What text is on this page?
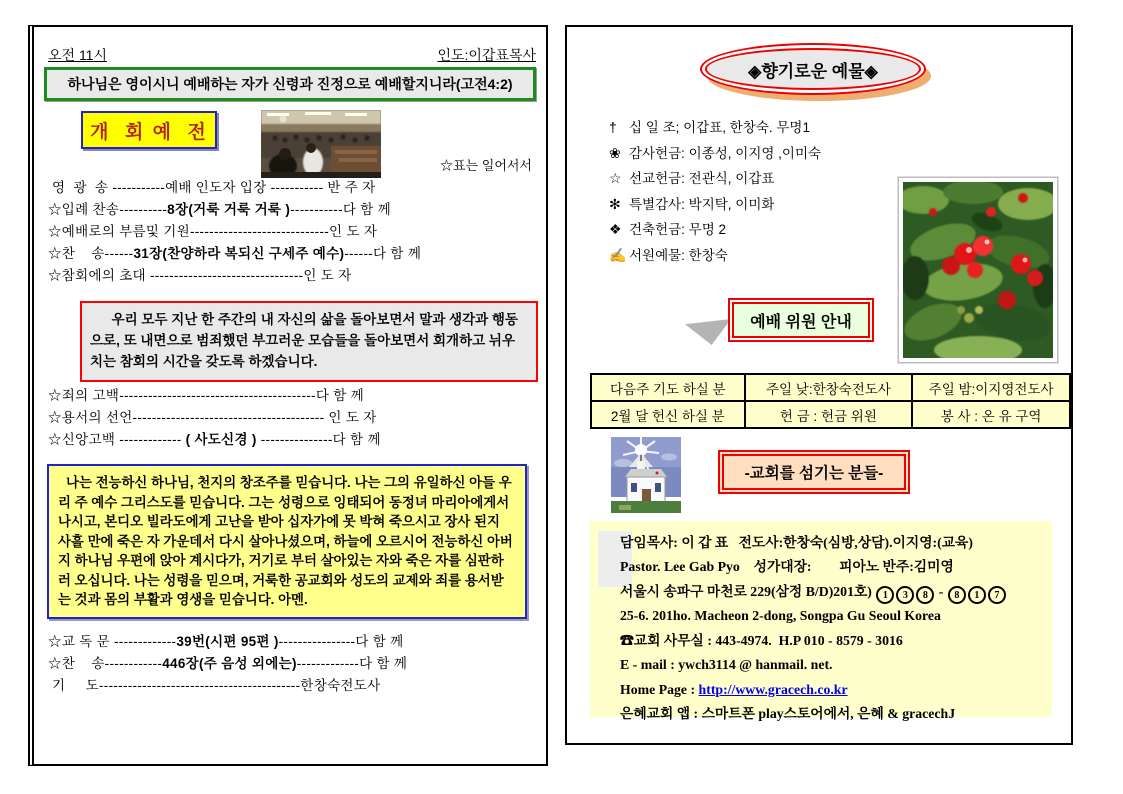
오전 11시	인도:이갑표목사
하나님은 영이시니 예배하는 자가 신령과 진정으로 예배할지니라(고전4:2)
개  회 예  전
☆표는 일어서서
영  광  송 -----------예배 인도자 입장 ----------- 반 주 자
☆입례 찬송----------8장(거룩 거룩 거룩 )-----------다 함 께
☆예배로의 부름및 기원-----------------------------인 도 자
☆찬    송------31장(찬양하라 복되신 구세주 예수)------다 함 께
☆참회에의 초대 --------------------------------인 도 자
우리 모두 지난 한 주간의 내 자신의 삶을 돌아보면서 말과 생각과 행동으로, 또 내면으로 범죄했던 부끄러운 모습들을 돌아보면서 회개하고 뉘우치는 참회의 시간을 갖도록 하겠습니다.
☆죄의 고백-----------------------------------------다 함 께
☆용서의 선언---------------------------------------- 인 도 자
☆신앙고백 ------------- ( 사도신경 ) ---------------다 함 께
나는 전능하신 하나님, 천지의 창조주를 믿습니다. 나는 그의 유일하신 아들 우리 주 예수 그리스도를 믿습니다. 그는 성령으로 잉태되어 동정녀 마리아에게서 나시고, 본디오 빌라도에게 고난을 받아 십자가에 못 박혀 죽으시고 장사 된지 사흘 만에 죽은 자 가운데서 다시 살아나셨으며, 하늘에 오르시어 전능하신 아버지 하나님 우편에 앉아 계시다가, 거기로 부터 살아있는 자와 죽은 자를 심판하러 오십니다. 나는 성령을 믿으며, 거룩한 공교회와 성도의 교제와 죄를 용서받는 것과 몸의 부활과 영생을 믿습니다. 아멘.
☆교 독 문 -------------39번(시편 95편 )----------------다 함 께
☆찬    송------------446장(주 음성 외에는)-------------다 함 께
기     도------------------------------------------한창숙전도사
◈향기로운 예물◈
† 십 일 조; 이갑표, 한창숙. 무명1
❀ 감사헌금: 이종성, 이지영 ,이미숙
☆ 선교헌금: 전관식, 이갑표
✻ 특별감사: 박지탁, 이미화
❖ 건축헌금: 무명 2
✍ 서원예물: 한창숙
예배 위원 안내
다음주 기도 하실 분	주일 낮:한창숙전도사	주일 밤:이지영전도사
2월 달 헌신 하실 분	헌 금 : 헌금 위원	봉 사 : 온 유 구역
-교회를 섬기는 분들-
담임목사: 이 갑 표   전도사:한창숙(심방,상담).이지영:(교육)
Pastor. Lee Gab Pyo    성가대장:        피아노 반주:김미영
서울시 송파구 마천로 229(삼정 B/D)201호) 1 3 8 - 8 1 7
25-6. 201ho. Macheon 2-dong, Songpa Gu Seoul Korea
☎교회 사무실 : 443-4974.  H.P 010 - 8579 - 3016
E - mail : ywch3114 @ hanmail. net.
Home Page : http://www.gracech.co.kr
은혜교회 앱 : 스마트폰 play스토어에서, 은혜 & gracechJ
